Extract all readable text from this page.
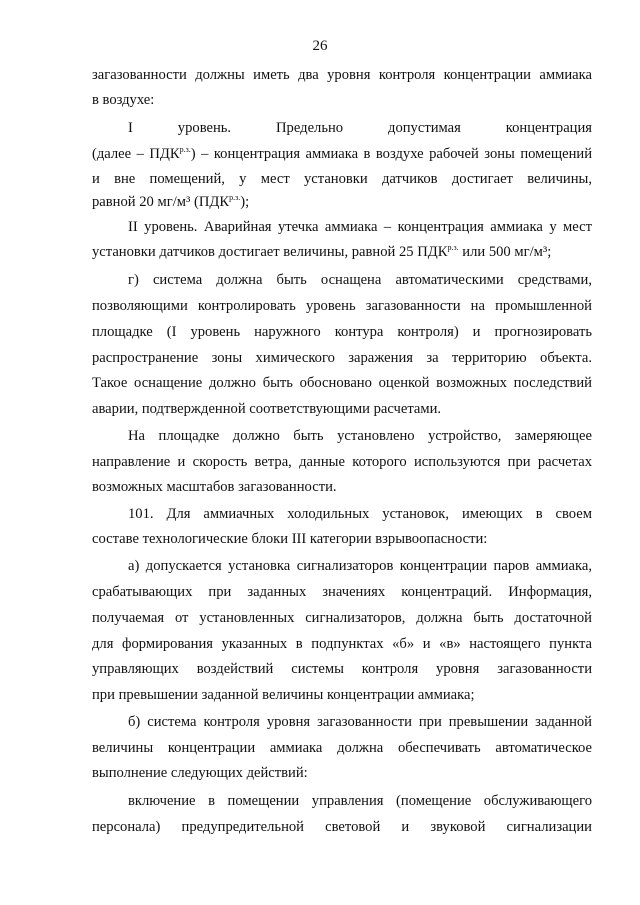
26
загазованности должны иметь два уровня контроля концентрации аммиака
в воздухе:
I уровень. Предельно допустимая концентрация
(далее – $ПДК^{р.з.}$) – концентрация аммиака в воздухе рабочей зоны помещений
и вне помещений, у мест установки датчиков достигает величины,
равной 20 мг/м³ $(ПДК^{р.з.})$;
II уровень. Аварийная утечка аммиака – концентрация аммиака у мест
установки датчиков достигает величины, равной 25 $ПДК^{р.з.}$ или 500 мг/м³;
г) система должна быть оснащена автоматическими средствами,
позволяющими контролировать уровень загазованности на промышленной
площадке (I уровень наружного контура контроля) и прогнозировать
распространение зоны химического заражения за территорию объекта.
Такое оснащение должно быть обосновано оценкой возможных последствий
аварии, подтвержденной соответствующими расчетами.
На площадке должно быть установлено устройство, замеряющее
направление и скорость ветра, данные которого используются при расчетах
возможных масштабов загазованности.
101. Для аммиачных холодильных установок, имеющих в своем
составе технологические блоки III категории взрывоопасности:
а) допускается установка сигнализаторов концентрации паров аммиака,
срабатывающих при заданных значениях концентраций. Информация,
получаемая от установленных сигнализаторов, должна быть достаточной
для формирования указанных в подпунктах «б» и «в» настоящего пункта
управляющих воздействий системы контроля уровня загазованности
при превышении заданной величины концентрации аммиака;
б) система контроля уровня загазованности при превышении заданной
величины концентрации аммиака должна обеспечивать автоматическое
выполнение следующих действий:
включение в помещении управления (помещение обслуживающего
персонала) предупредительной световой и звуковой сигнализации
